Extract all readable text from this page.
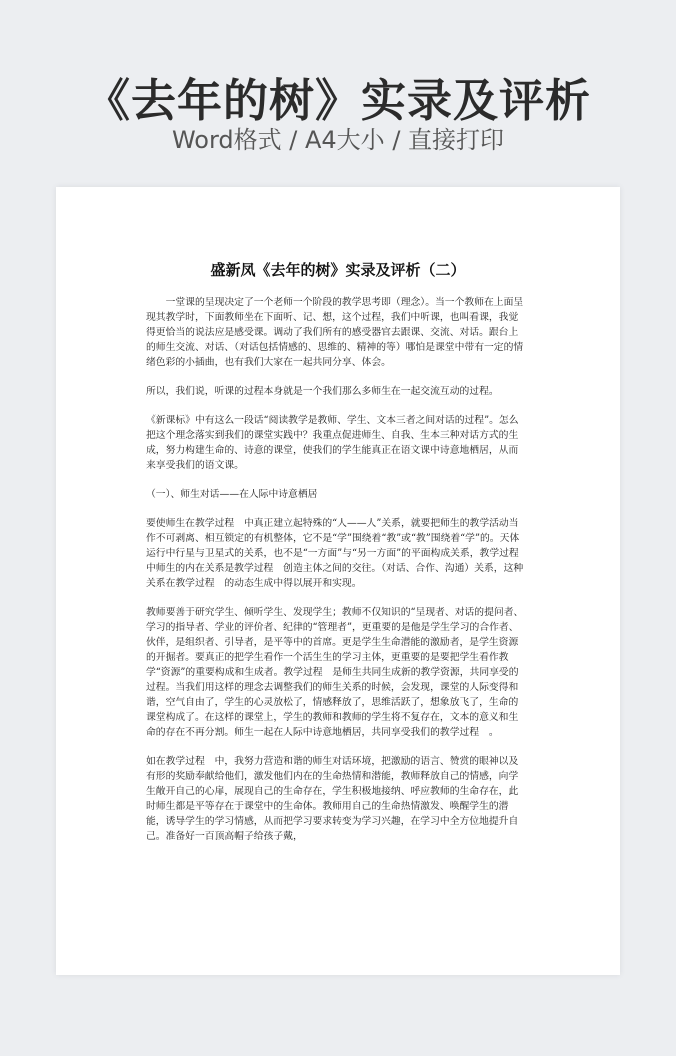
《去年的树》实录及评析
Word格式 / A4大小 / 直接打印
盛新凤《去年的树》实录及评析（二）

一堂课的呈现决定了一个老师一个阶段的教学思考即（理念）。当一个教师在上面呈现其教学时，下面教师坐在下面听、记、想，这个过程，我们中听课，也叫看课，我觉得更恰当的说法应是感受课。调动了我们所有的感受器官去跟课、交流、对话。跟台上的师生交流、对话、（对话包括情感的、思维的、精神的等）哪怕是课堂中带有一定的情绪色彩的小插曲，也有我们大家在一起共同分享、体会。

所以，我们说，听课的过程本身就是一个我们那么多师生在一起交流互动的过程。

《新课标》中有这么一段话“阅读教学是教师、学生、文本三者之间对话的过程”。怎么把这个理念落实到我们的课堂实践中？我重点促进师生、自我、生本三种对话方式的生成，努力构建生命的、诗意的课堂，使我们的学生能真正在语文课中诗意地栖居，从而来享受我们的语文课。

（一）、师生对话——在人际中诗意栖居

要使师生在教学过程　中真正建立起特殊的“人——人”关系，就要把师生的教学活动当作不可剥离、相互锁定的有机整体，它不是“学”围绕着“教”或“教”围绕着“学”的。天体运行中行星与卫星式的关系，也不是“一方面”与“另一方面”的平面构成关系，教学过程　中师生的内在关系是教学过程　创造主体之间的交往。（对话、合作、沟通）关系，这种关系在教学过程　的动态生成中得以展开和实现。

教师要善于研究学生、倾听学生、发现学生；教师不仅知识的“呈现者、对话的提问者、学习的指导者、学业的评价者、纪律的“管理者”，更重要的是他是学生学习的合作者、伙伴，是组织者、引导者，是平等中的首席。更是学生生命潜能的激励者，是学生资源的开掘者。要真正的把学生看作一个活生生的学习主体，更重要的是要把学生看作教学“资源”的重要构成和生成者。教学过程　是师生共同生成新的教学资源，共同享受的过程。当我们用这样的理念去调整我们的师生关系的时候，会发现，课堂的人际变得和谐，空气自由了，学生的心灵放松了，情感释放了，思维活跃了，想象放飞了，生命的课堂构成了。在这样的课堂上，学生的教师和教师的学生将不复存在，文本的意义和生命的存在不再分割。师生一起在人际中诗意地栖居，共同享受我们的教学过程　。

如在教学过程　中，我努力营造和谐的师生对话环境，把激励的语言、赞赏的眼神以及有形的奖励奉献给他们，激发他们内在的生命热情和潜能，教师释放自己的情感，向学生敞开自己的心扉，展现自己的生命存在，学生积极地接纳、呼应教师的生命存在，此时师生都是平等存在于课堂中的生命体。教师用自己的生命热情激发、唤醒学生的潜能，诱导学生的学习情感，从而把学习要求转变为学习兴趣，在学习中全方位地提升自己。准备好一百顶高帽子给孩子戴，
